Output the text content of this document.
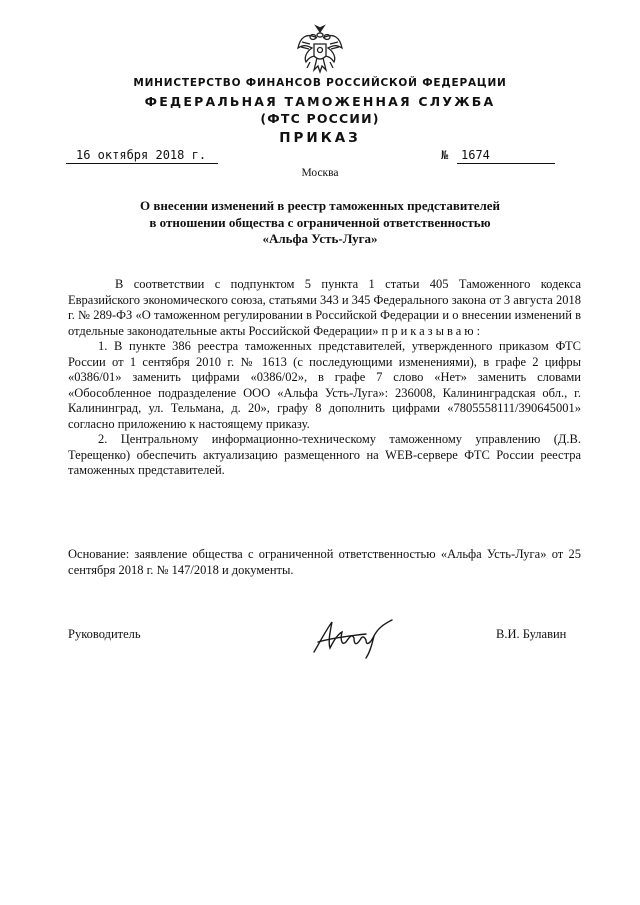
МИНИСТЕРСТВО ФИНАНСОВ РОССИЙСКОЙ ФЕДЕРАЦИИ
ФЕДЕРАЛЬНАЯ ТАМОЖЕННАЯ СЛУЖБА
(ФТС РОССИИ)
ПРИКАЗ
16 октября 2018 г.	№	1674
Москва
О внесении изменений в реестр таможенных представителей
в отношении общества с ограниченной ответственностью
«Альфа Усть-Луга»

В соответствии с подпунктом 5 пункта 1 статьи 405 Таможенного кодекса Евразийского экономического союза, статьями 343 и 345 Федерального закона от 3 августа 2018 г. № 289-ФЗ «О таможенном регулировании в Российской Федерации и о внесении изменений в отдельные законодательные акты Российской Федерации» приказываю:

1. В пункте 386 реестра таможенных представителей, утвержденного приказом ФТС России от 1 сентября 2010 г. № 1613 (с последующими изменениями), в графе 2 цифры «0386/01» заменить цифрами «0386/02», в графе 7 слово «Нет» заменить словами «Обособленное подразделение ООО «Альфа Усть-Луга»: 236008, Калининградская обл., г. Калининград, ул. Тельмана, д. 20», графу 8 дополнить цифрами «7805558111/390645001» согласно приложению к настоящему приказу.

2. Центральному информационно-техническому таможенному управлению (Д.В. Терещенко) обеспечить актуализацию размещенного на WEB-сервере ФТС России реестра таможенных представителей.

Основание: заявление общества с ограниченной ответственностью «Альфа Усть-Луга» от 25 сентября 2018 г. № 147/2018 и документы.

Руководитель	В.И. Булавин
